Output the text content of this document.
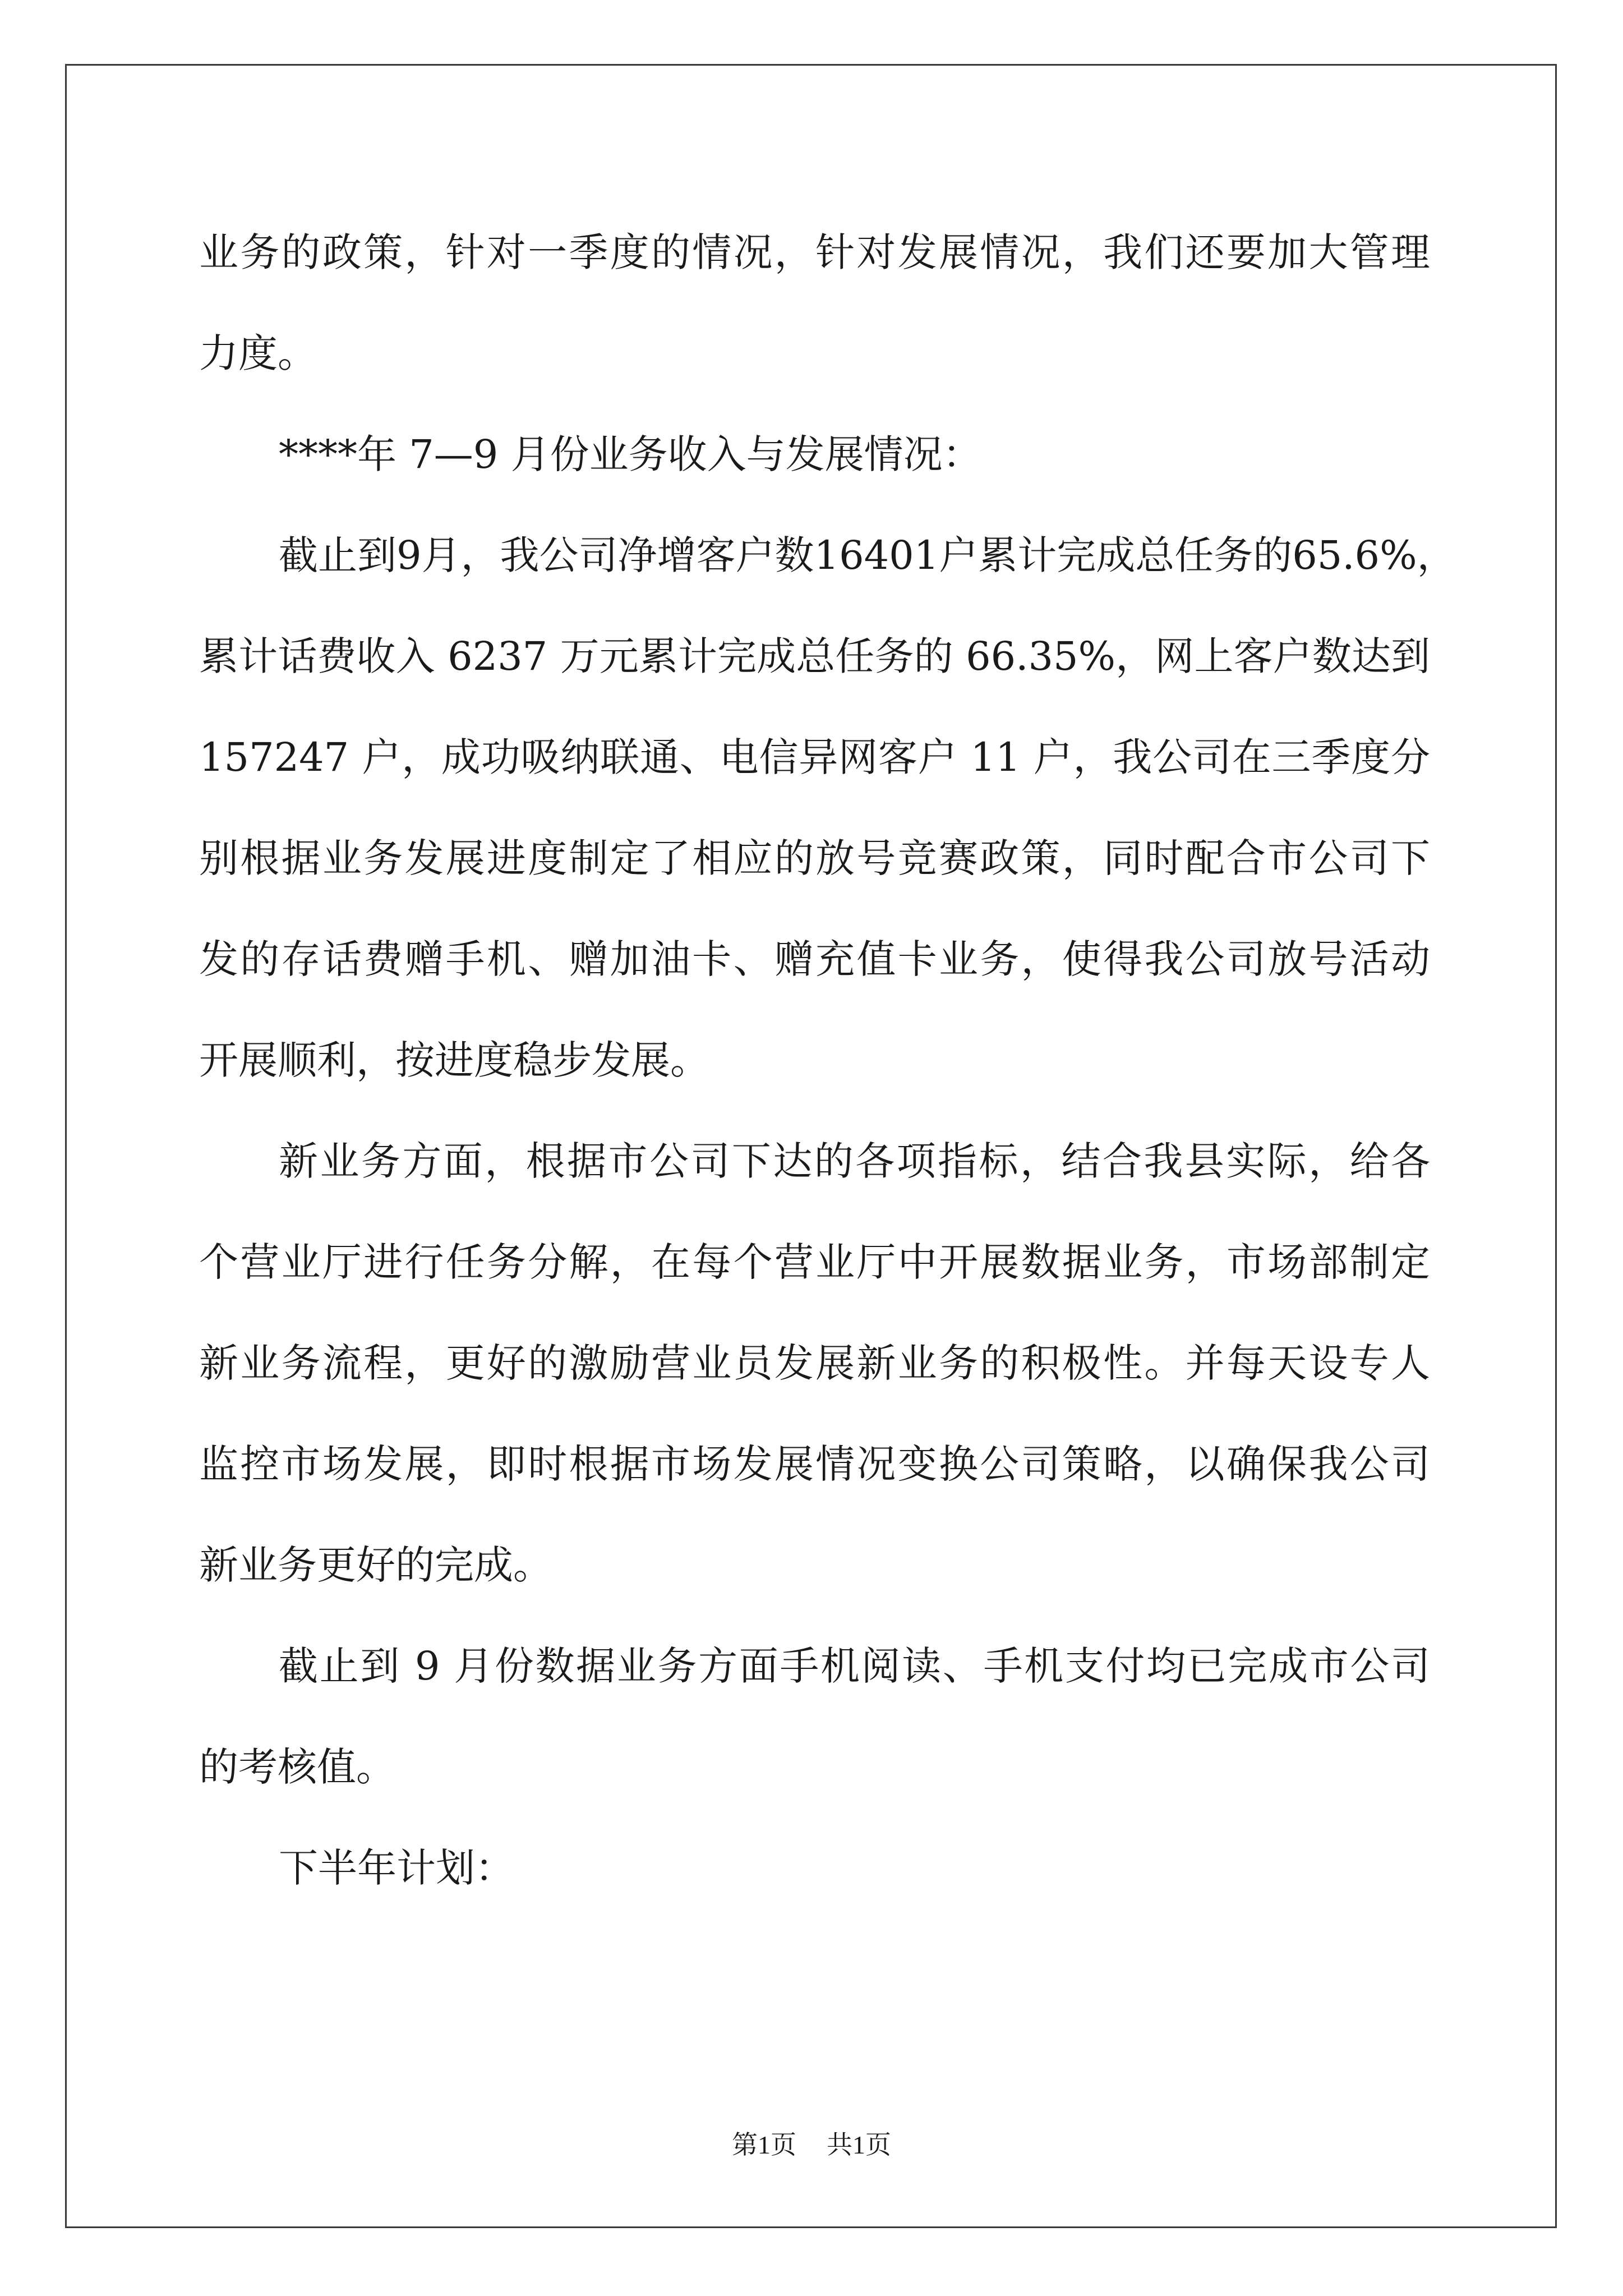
业务的政策，针对一季度的情况，针对发展情况，我们还要加大管理
力度。
****年 7—9 月份业务收入与发展情况：
截止到9月，我公司净增客户数16401户累计完成总任务的65.6%，
累计话费收入 6237 万元累计完成总任务的 66.35%，网上客户数达到
157247 户，成功吸纳联通、电信异网客户 11 户，我公司在三季度分
别根据业务发展进度制定了相应的放号竞赛政策，同时配合市公司下
发的存话费赠手机、赠加油卡、赠充值卡业务，使得我公司放号活动
开展顺利，按进度稳步发展。
新业务方面，根据市公司下达的各项指标，结合我县实际，给各
个营业厅进行任务分解，在每个营业厅中开展数据业务，市场部制定
新业务流程，更好的激励营业员发展新业务的积极性。并每天设专人
监控市场发展，即时根据市场发展情况变换公司策略，以确保我公司
新业务更好的完成。
截止到 9 月份数据业务方面手机阅读、手机支付均已完成市公司
的考核值。
下半年计划：
第1页 共1页
